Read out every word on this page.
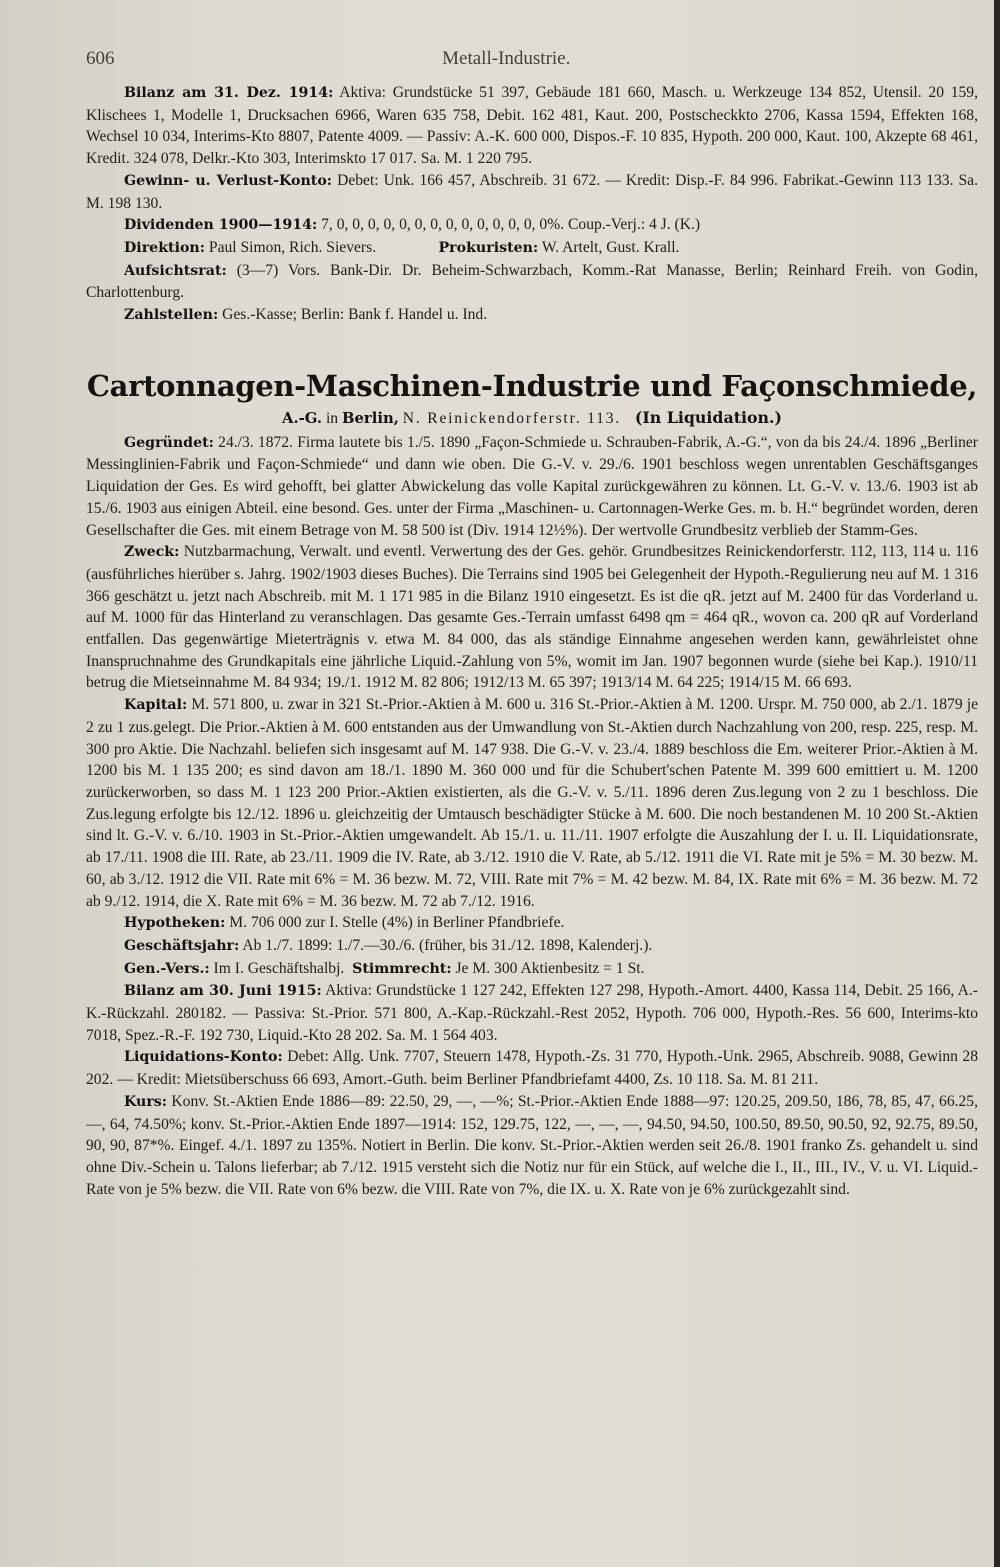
606	Metall-Industrie.

Bilanz am 31. Dez. 1914: Aktiva: Grundstücke 51 397, Gebäude 181 660, Masch. u. Werkzeuge 134 852, Utensil. 20 159, Klischees 1, Modelle 1, Drucksachen 6966, Waren 635 758, Debit. 162 481, Kaut. 200, Postscheckkto 2706, Kassa 1594, Effekten 168, Wechsel 10 034, Interims-Kto 8807, Patente 4009. — Passiv: A.-K. 600 000, Dispos.-F. 10 835, Hypoth. 200 000, Kaut. 100, Akzepte 68 461, Kredit. 324 078, Delkr.-Kto 303, Interimskto 17 017. Sa. M. 1 220 795.

Gewinn- u. Verlust-Konto: Debet: Unk. 166 457, Abschreib. 31 672. — Kredit: Disp.-F. 84 996. Fabrikat.-Gewinn 113 133. Sa. M. 198 130.

Dividenden 1900—1914: 7, 0, 0, 0, 0, 0, 0, 0, 0, 0, 0, 0, 0, 0, 0%. Coup.-Verj.: 4 J. (K.)

Direktion: Paul Simon, Rich. Sievers.	Prokuristen: W. Artelt, Gust. Krall.

Aufsichtsrat: (3—7) Vors. Bank-Dir. Dr. Beheim-Schwarzbach, Komm.-Rat Manasse, Berlin; Reinhard Freih. von Godin, Charlottenburg.

Zahlstellen: Ges.-Kasse; Berlin: Bank f. Handel u. Ind.

Cartonnagen-Maschinen-Industrie und Façonschmiede,
A.-G. in Berlin, N. Reinickendorferstr. 113. (In Liquidation.)

Gegründet: 24./3. 1872. Firma lautete bis 1./5. 1890 „Façon-Schmiede u. Schrauben-Fabrik, A.-G.“, von da bis 24./4. 1896 „Berliner Messinglinien-Fabrik und Façon-Schmiede“ und dann wie oben. Die G.-V. v. 29./6. 1901 beschloss wegen unrentablen Geschäftsganges Liquidation der Ges. Es wird gehofft, bei glatter Abwickelung das volle Kapital zurückgewähren zu können. Lt. G.-V. v. 13./6. 1903 ist ab 15./6. 1903 aus einigen Abteil. eine besond. Ges. unter der Firma „Maschinen- u. Cartonnagen-Werke Ges. m. b. H.“ begründet worden, deren Gesellschafter die Ges. mit einem Betrage von M. 58 500 ist (Div. 1914 12½%). Der wertvolle Grundbesitz verblieb der Stamm-Ges.

Zweck: Nutzbarmachung, Verwalt. und eventl. Verwertung des der Ges. gehör. Grundbesitzes Reinickendorferstr. 112, 113, 114 u. 116 (ausführliches hierüber s. Jahrg. 1902/1903 dieses Buches). Die Terrains sind 1905 bei Gelegenheit der Hypoth.-Regulierung neu auf M. 1 316 366 geschätzt u. jetzt nach Abschreib. mit M. 1 171 985 in die Bilanz 1910 eingesetzt. Es ist die qR. jetzt auf M. 2400 für das Vorderland u. auf M. 1000 für das Hinterland zu veranschlagen. Das gesamte Ges.-Terrain umfasst 6498 qm = 464 qR., wovon ca. 200 qR auf Vorderland entfallen. Das gegenwärtige Mieterträgnis v. etwa M. 84 000, das als ständige Einnahme angesehen werden kann, gewährleistet ohne Inanspruchnahme des Grundkapitals eine jährliche Liquid.-Zahlung von 5%, womit im Jan. 1907 begonnen wurde (siehe bei Kap.). 1910/11 betrug die Mietseinnahme M. 84 934; 19./1. 1912 M. 82 806; 1912/13 M. 65 397; 1913/14 M. 64 225; 1914/15 M. 66 693.

Kapital: M. 571 800, u. zwar in 321 St.-Prior.-Aktien à M. 600 u. 316 St.-Prior.-Aktien à M. 1200. Urspr. M. 750 000, ab 2./1. 1879 je 2 zu 1 zus.gelegt. Die Prior.-Aktien à M. 600 entstanden aus der Umwandlung von St.-Aktien durch Nachzahlung von 200, resp. 225, resp. M. 300 pro Aktie. Die Nachzahl. beliefen sich insgesamt auf M. 147 938. Die G.-V. v. 23./4. 1889 beschloss die Em. weiterer Prior.-Aktien à M. 1200 bis M. 1 135 200; es sind davon am 18./1. 1890 M. 360 000 und für die Schubert'schen Patente M. 399 600 emittiert u. M. 1200 zurückerworben, so dass M. 1 123 200 Prior.-Aktien existierten, als die G.-V. v. 5./11. 1896 deren Zus.legung von 2 zu 1 beschloss. Die Zus.legung erfolgte bis 12./12. 1896 u. gleichzeitig der Umtausch beschädigter Stücke à M. 600. Die noch bestandenen M. 10 200 St.-Aktien sind lt. G.-V. v. 6./10. 1903 in St.-Prior.-Aktien umgewandelt. Ab 15./1. u. 11./11. 1907 erfolgte die Auszahlung der I. u. II. Liquidationsrate, ab 17./11. 1908 die III. Rate, ab 23./11. 1909 die IV. Rate, ab 3./12. 1910 die V. Rate, ab 5./12. 1911 die VI. Rate mit je 5% = M. 30 bezw. M. 60, ab 3./12. 1912 die VII. Rate mit 6% = M. 36 bezw. M. 72, VIII. Rate mit 7% = M. 42 bezw. M. 84, IX. Rate mit 6% = M. 36 bezw. M. 72 ab 9./12. 1914, die X. Rate mit 6% = M. 36 bezw. M. 72 ab 7./12. 1916.

Hypotheken: M. 706 000 zur I. Stelle (4%) in Berliner Pfandbriefe.

Geschäftsjahr: Ab 1./7. 1899: 1./7.—30./6. (früher, bis 31./12. 1898, Kalenderj.).

Gen.-Vers.: Im I. Geschäftshalbj. Stimmrecht: Je M. 300 Aktienbesitz = 1 St.

Bilanz am 30. Juni 1915: Aktiva: Grundstücke 1 127 242, Effekten 127 298, Hypoth.-Amort. 4400, Kassa 114, Debit. 25 166, A.-K.-Rückzahl. 280182. — Passiva: St.-Prior. 571 800, A.-Kap.-Rückzahl.-Rest 2052, Hypoth. 706 000, Hypoth.-Res. 56 600, Interims-kto 7018, Spez.-R.-F. 192 730, Liquid.-Kto 28 202. Sa. M. 1 564 403.

Liquidations-Konto: Debet: Allg. Unk. 7707, Steuern 1478, Hypoth.-Zs. 31 770, Hypoth.-Unk. 2965, Abschreib. 9088, Gewinn 28 202. — Kredit: Mietsüberschuss 66 693, Amort.-Guth. beim Berliner Pfandbriefamt 4400, Zs. 10 118. Sa. M. 81 211.

Kurs: Konv. St.-Aktien Ende 1886—89: 22.50, 29, —, —%; St.-Prior.-Aktien Ende 1888—97: 120.25, 209.50, 186, 78, 85, 47, 66.25, —, 64, 74.50%; konv. St.-Prior.-Aktien Ende 1897—1914: 152, 129.75, 122, —, —, —, 94.50, 94.50, 100.50, 89.50, 90.50, 92, 92.75, 89.50, 90, 90, 87*%. Eingef. 4./1. 1897 zu 135%. Notiert in Berlin. Die konv. St.-Prior.-Aktien werden seit 26./8. 1901 franko Zs. gehandelt u. sind ohne Div.-Schein u. Talons lieferbar; ab 7./12. 1915 versteht sich die Notiz nur für ein Stück, auf welche die I., II., III., IV., V. u. VI. Liquid.-Rate von je 5% bezw. die VII. Rate von 6% bezw. die VIII. Rate von 7%, die IX. u. X. Rate von je 6% zurückgezahlt sind.
